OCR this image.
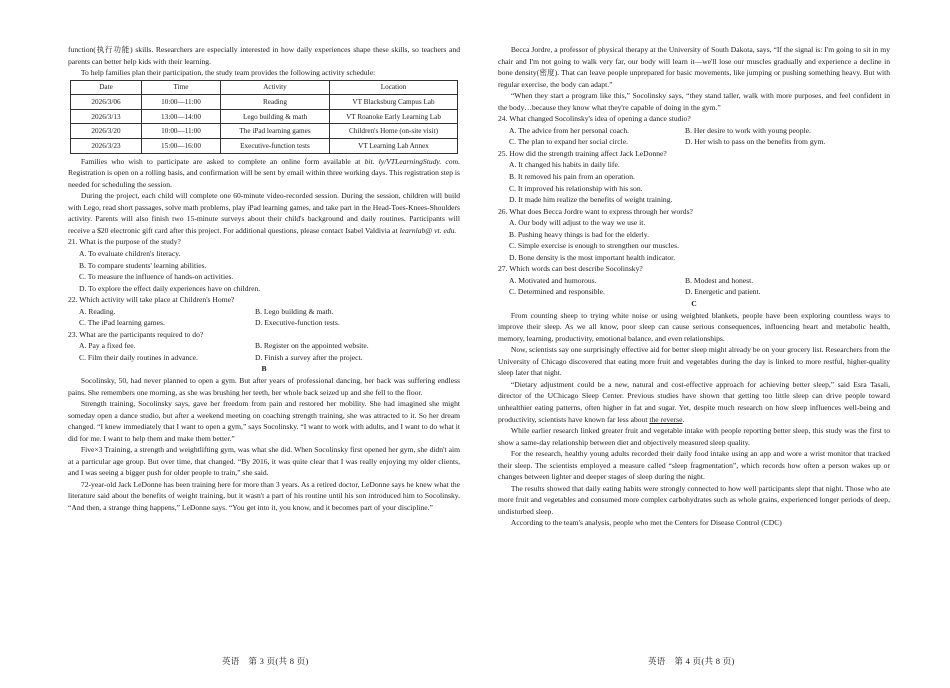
function(执行功能) skills. Researchers are especially interested in how daily experiences shape these skills, so teachers and parents can better help kids with their learning.

To help families plan their participation, the study team provides the following activity schedule:

Date	Time	Activity	Location
2026/3/06	10:00—11:00	Reading	VT Blacksburg Campus Lab
2026/3/13	13:00—14:00	Lego building & math	VT Roanoke Early Learning Lab
2026/3/20	10:00—11:00	The iPad learning games	Children's Home (on-site visit)
2026/3/23	15:00—16:00	Executive-function tests	VT Learning Lab Annex

Families who wish to participate are asked to complete an online form available at bit. ly/VTLearningStudy. com. Registration is open on a rolling basis, and confirmation will be sent by email within three working days. This registration step is needed for scheduling the session.

During the project, each child will complete one 60-minute video-recorded session. During the session, children will build with Lego, read short passages, solve math problems, play iPad learning games, and take part in the Head-Toes-Knees-Shoulders activity. Parents will also finish two 15-minute surveys about their child's background and daily routines. Participants will receive a $20 electronic gift card after this project. For additional questions, please contact Isabel Valdivia at learnlab@ vt. edu.

21. What is the purpose of the study?

A. To evaluate children's literacy.

B. To compare students' learning abilities.

C. To measure the influence of hands-on activities.

D. To explore the effect daily experiences have on children.

22. Which activity will take place at Children's Home?

A. Reading.	B. Lego building & math.
C. The iPad learning games.	D. Executive-function tests.

23. What are the participants required to do?

A. Pay a fixed fee.	B. Register on the appointed website.
C. Film their daily routines in advance.	D. Finish a survey after the project.

B

Socolinsky, 50, had never planned to open a gym. But after years of professional dancing, her back was suffering endless pains. She remembers one morning, as she was brushing her teeth, her whole back seized up and she fell to the floor.

Strength training, Socolinsky says, gave her freedom from pain and restored her mobility. She had imagined she might someday open a dance studio, but after a weekend meeting on coaching strength training, she was attracted to it. So her dream changed. “I knew immediately that I want to open a gym,” says Socolinsky. “I want to work with adults, and I want to do what it did for me. I want to help them and make them better.”

Five×3 Training, a strength and weightlifting gym, was what she did. When Socolinsky first opened her gym, she didn't aim at a particular age group. But over time, that changed. “By 2016, it was quite clear that I was really enjoying my older clients, and I was seeing a bigger push for older people to train,” she said.

72-year-old Jack LeDonne has been training here for more than 3 years. As a retired doctor, LeDonne says he knew what the literature said about the benefits of weight training, but it wasn't a part of his routine until his son introduced him to Socolinsky. “And then, a strange thing happens,” LeDonne says. “You get into it, you know, and it becomes part of your discipline.”

Becca Jordre, a professor of physical therapy at the University of South Dakota, says, “If the signal is: I'm going to sit in my chair and I'm not going to walk very far, our body will learn it—we'll lose our muscles gradually and experience a decline in bone density(密度). That can leave people unprepared for basic movements, like jumping or pushing something heavy. But with regular exercise, the body can adapt.”

“When they start a program like this,” Socolinsky says, “they stand taller, walk with more purposes, and feel confident in the body…because they know what they're capable of doing in the gym.”

24. What changed Socolinsky's idea of opening a dance studio?

A. The advice from her personal coach.	B. Her desire to work with young people.
C. The plan to expand her social circle.	D. Her wish to pass on the benefits from gym.

25. How did the strength training affect Jack LeDonne?

A. It changed his habits in daily life.

B. It removed his pain from an operation.

C. It improved his relationship with his son.

D. It made him realize the benefits of weight training.

26. What does Becca Jordre want to express through her words?

A. Our body will adjust to the way we use it.

B. Pushing heavy things is bad for the elderly.

C. Simple exercise is enough to strengthen our muscles.

D. Bone density is the most important health indicator.

27. Which words can best describe Socolinsky?

A. Motivated and humorous.	B. Modest and honest.
C. Determined and responsible.	D. Energetic and patient.

C

From counting sheep to trying white noise or using weighted blankets, people have been exploring countless ways to improve their sleep. As we all know, poor sleep can cause serious consequences, influencing heart and metabolic health, memory, learning, productivity, emotional balance, and even relationships.

Now, scientists say one surprisingly effective aid for better sleep might already be on your grocery list. Researchers from the University of Chicago discovered that eating more fruit and vegetables during the day is linked to more restful, higher-quality sleep later that night.

“Dietary adjustment could be a new, natural and cost-effective approach for achieving better sleep,” said Esra Tasali, director of the UChicago Sleep Center. Previous studies have shown that getting too little sleep can drive people toward unhealthier eating patterns, often higher in fat and sugar. Yet, despite much research on how sleep influences well-being and productivity, scientists have known far less about the reverse.

While earlier research linked greater fruit and vegetable intake with people reporting better sleep, this study was the first to show a same-day relationship between diet and objectively measured sleep quality.

For the research, healthy young adults recorded their daily food intake using an app and wore a wrist monitor that tracked their sleep. The scientists employed a measure called “sleep fragmentation”, which records how often a person wakes up or changes between lighter and deeper stages of sleep during the night.

The results showed that daily eating habits were strongly connected to how well participants slept that night. Those who ate more fruit and vegetables and consumed more complex carbohydrates such as whole grains, experienced longer periods of deep, undisturbed sleep.

According to the team's analysis, people who met the Centers for Disease Control (CDC)

英语　第 3 页(共 8 页)	英语　第 4 页(共 8 页)
